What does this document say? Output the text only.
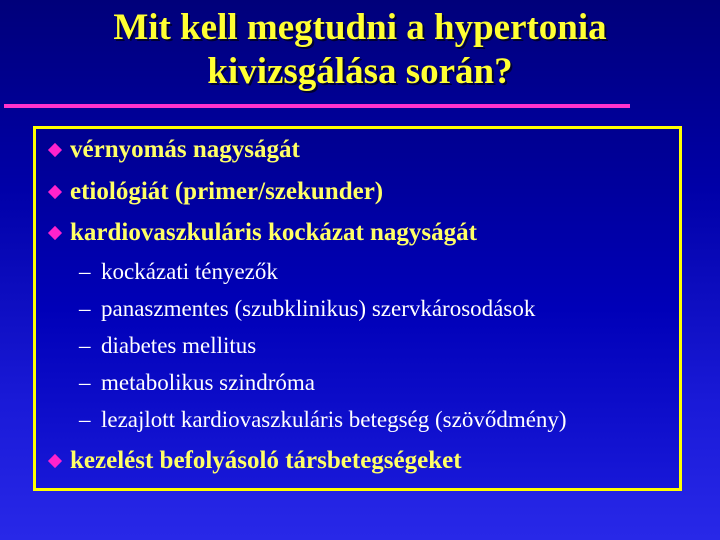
Mit kell megtudni a hypertonia
kivizsgálása során?
vérnyomás nagyságát
etiológiát (primer/szekunder)
kardiovaszkuláris kockázat nagyságát
– kockázati tényezők
– panaszmentes (szubklinikus) szervkárosodások
– diabetes mellitus
– metabolikus szindróma
– lezajlott kardiovaszkuláris betegség (szövődmény)
kezelést befolyásoló társbetegségeket
